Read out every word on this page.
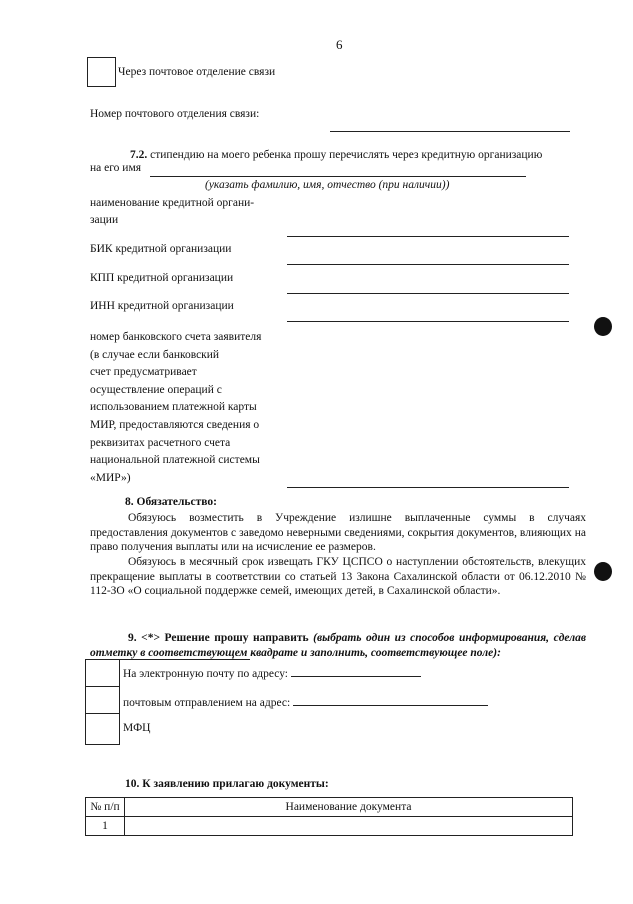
6
Через почтовое отделение связи
Номер почтового отделения связи:
7.2. стипендию на моего ребенка прошу перечислять через кредитную организацию
на его имя
(указать фамилию, имя, отчество (при наличии))
наименование кредитной органи-
зации
БИК кредитной организации
КПП кредитной организации
ИНН кредитной организации
номер банковского счета заявителя
(в случае если банковский
счет предусматривает
осуществление операций с
использованием платежной карты
МИР, предоставляются сведения о
реквизитах расчетного счета
национальной платежной системы
«МИР»)
8. Обязательство:
Обязуюсь возместить в Учреждение излишне выплаченные суммы в случаях предоставления документов с заведомо неверными сведениями, сокрытия документов, влияющих на право получения выплаты или на исчисление ее размеров.
Обязуюсь в месячный срок извещать ГКУ ЦСПСО о наступлении обстоятельств, влекущих прекращение выплаты в соответствии со статьей 13 Закона Сахалинской области от 06.12.2010 № 112-ЗО «О социальной поддержке семей, имеющих детей, в Сахалинской области».
9. <*> Решение прошу направить (выбрать один из способов информирования, сделав отметку в соответствующем квадрате и заполнить, соответствующее поле):
На электронную почту по адресу:
почтовым отправлением на адрес:
МФЦ
10. К заявлению прилагаю документы:
№ п/п	Наименование документа
1	
